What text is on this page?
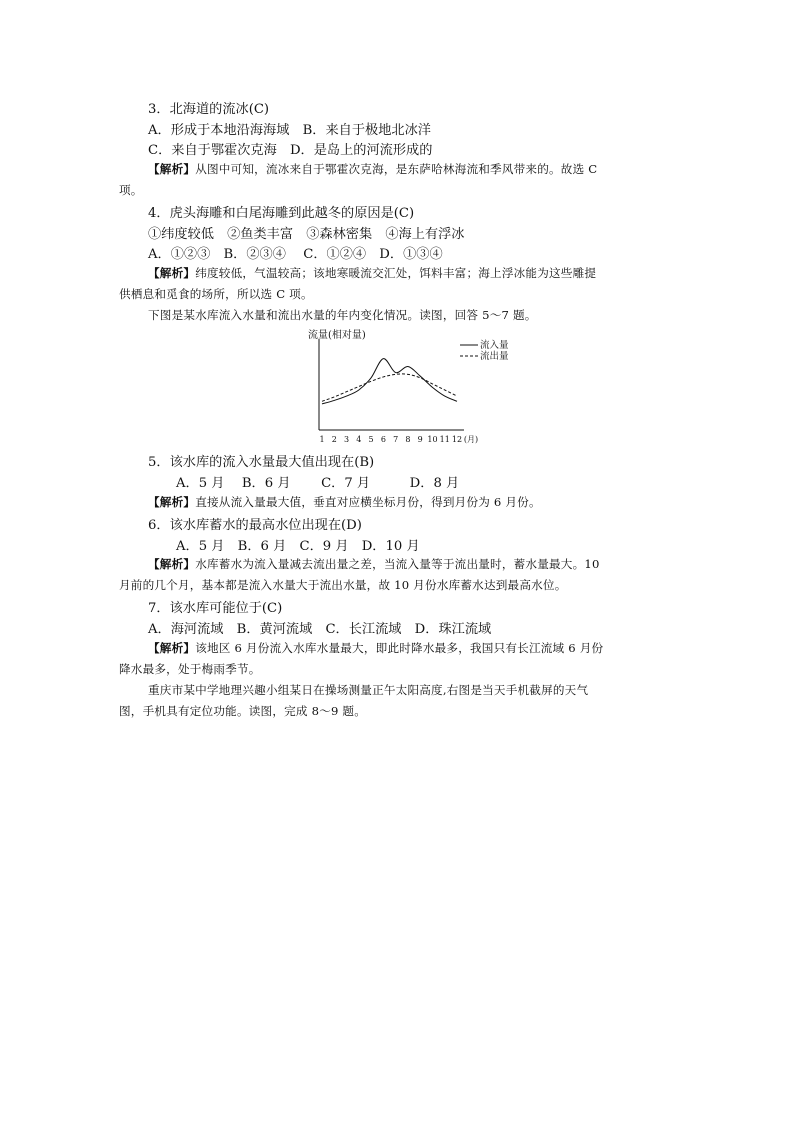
3．北海道的流冰(C)
A．形成于本地沿海海域　B．来自于极地北冰洋
C．来自于鄂霍次克海　D．是岛上的河流形成的
【解析】从图中可知，流冰来自于鄂霍次克海，是东萨哈林海流和季风带来的。故选 C
项。
4．虎头海雕和白尾海雕到此越冬的原因是(C)
①纬度较低　②鱼类丰富　③森林密集　④海上有浮冰
A．①②③　B．②③④　 C．①②④　D．①③④
【解析】纬度较低，气温较高；该地寒暖流交汇处，饵料丰富；海上浮冰能为这些雕提
供栖息和觅食的场所，所以选 C 项。
下图是某水库流入水量和流出水量的年内变化情况。读图，回答 5～7 题。
流量(相对量)
1 2 3 4 5 6 7 8 9 10 11 12 (月)
流入量
流出量
5．该水库的流入水量最大值出现在(B)
A．5 月　 B．6 月　　 C．7 月　　　D．8 月
【解析】直接从流入量最大值，垂直对应横坐标月份，得到月份为 6 月份。
6．该水库蓄水的最高水位出现在(D)
A．5 月　B．6 月　C．9 月　D．10 月
【解析】水库蓄水为流入量减去流出量之差，当流入量等于流出量时，蓄水量最大。10
月前的几个月，基本都是流入水量大于流出水量，故 10 月份水库蓄水达到最高水位。
7．该水库可能位于(C)
A．海河流域　B．黄河流域　C．长江流域　D．珠江流域
【解析】该地区 6 月份流入水库水量最大，即此时降水最多，我国只有长江流域 6 月份
降水最多，处于梅雨季节。
重庆市某中学地理兴趣小组某日在操场测量正午太阳高度,右图是当天手机截屏的天气
图，手机具有定位功能。读图，完成 8～9 题。
